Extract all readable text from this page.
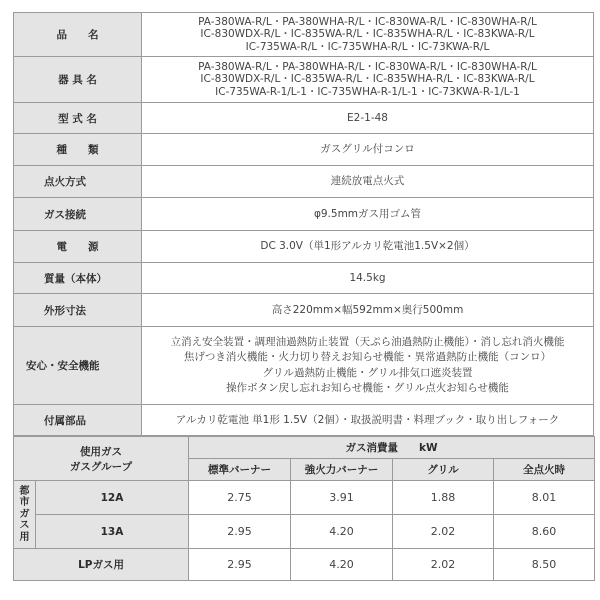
品　　名	PA-380WA-R/L・PA-380WHA-R/L・IC-830WA-R/L・IC-830WHA-R/L
IC-830WDX-R/L・IC-835WA-R/L・IC-835WHA-R/L・IC-83KWA-R/L
IC-735WA-R/L・IC-735WHA-R/L・IC-73KWA-R/L

器 具 名	PA-380WA-R/L・PA-380WHA-R/L・IC-830WA-R/L・IC-830WHA-R/L
IC-830WDX-R/L・IC-835WA-R/L・IC-835WHA-R/L・IC-83KWA-R/L
IC-735WA-R-1/L-1・IC-735WHA-R-1/L-1・IC-73KWA-R-1/L-1

型 式 名	E2-1-48

種　　類	ガスグリル付コンロ

点火方式	連続放電点火式

ガス接続	φ9.5mmガス用ゴム管

電　　源	DC 3.0V（単1形アルカリ乾電池1.5V×2個）

質量（本体）	14.5kg

外形寸法	高さ220mm×幅592mm×奥行500mm

安心・安全機能	立消え安全装置・調理油過熱防止装置（天ぷら油過熱防止機能）・消し忘れ消火機能
焦げつき消火機能・火力切り替えお知らせ機能・異常過熱防止機能（コンロ）
グリル過熱防止機能・グリル排気口遮炎装置
操作ボタン戻し忘れお知らせ機能・グリル点火お知らせ機能

付属部品	アルカリ乾電池 単1形 1.5V（2個）・取扱説明書・料理ブック・取り出しフォーク
使用ガス
ガスグループ		ガス消費量　　kW			
		標準バーナー	強火力バーナー	グリル	全点火時

都
市
ガ
ス
用	12A	2.75	3.91	1.88	8.01
	13A	2.95	4.20	2.02	8.60
LPガス用		2.95	4.20	2.02	8.50
